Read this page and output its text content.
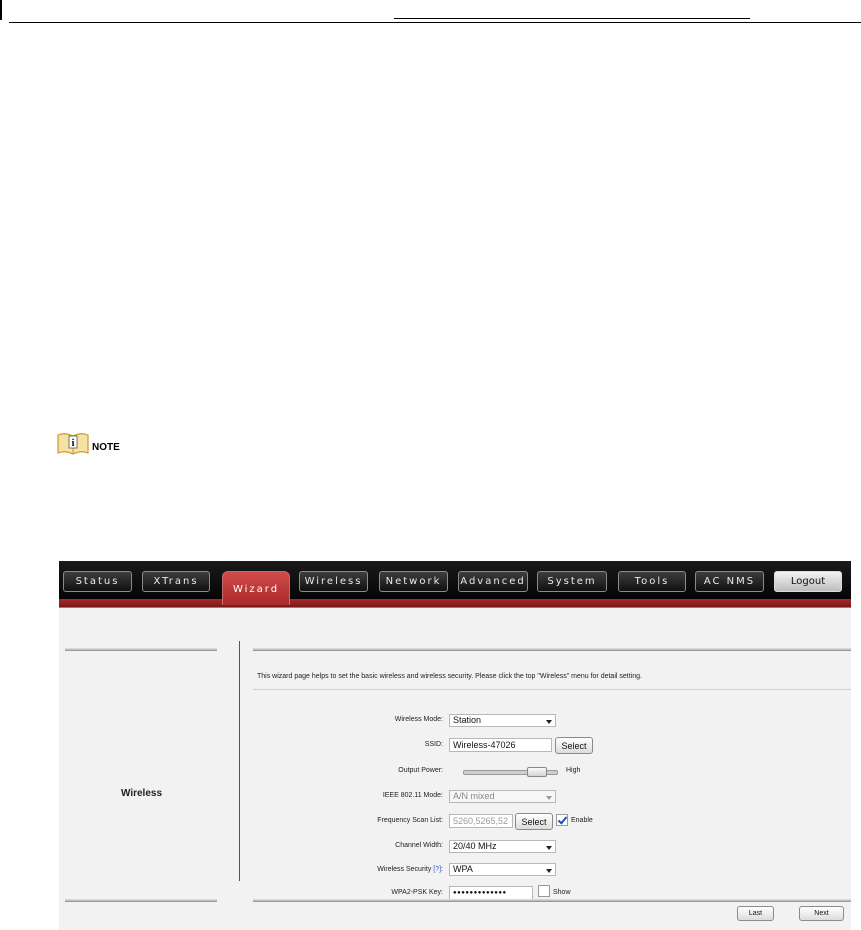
i NOTE
Status	XTrans
Wizard
Wireless	Network	Advanced	System	Tools	AC NMS	Logout
Wireless
This wizard page helps to set the basic wireless and wireless security. Please click the top "Wireless" menu for detail setting.
Wireless Mode:	Station
SSID:	Wireless-47026	Select
Output Power:	High
IEEE 802.11 Mode:	A/N mixed
Frequency Scan List:	5260,5265,52	Select	Enable
Channel Width:	20/40 MHz
Wireless Security [?]:	WPA
WPA2-PSK Key:	●●●●●●●●●●●●●	Show
Last	Next
